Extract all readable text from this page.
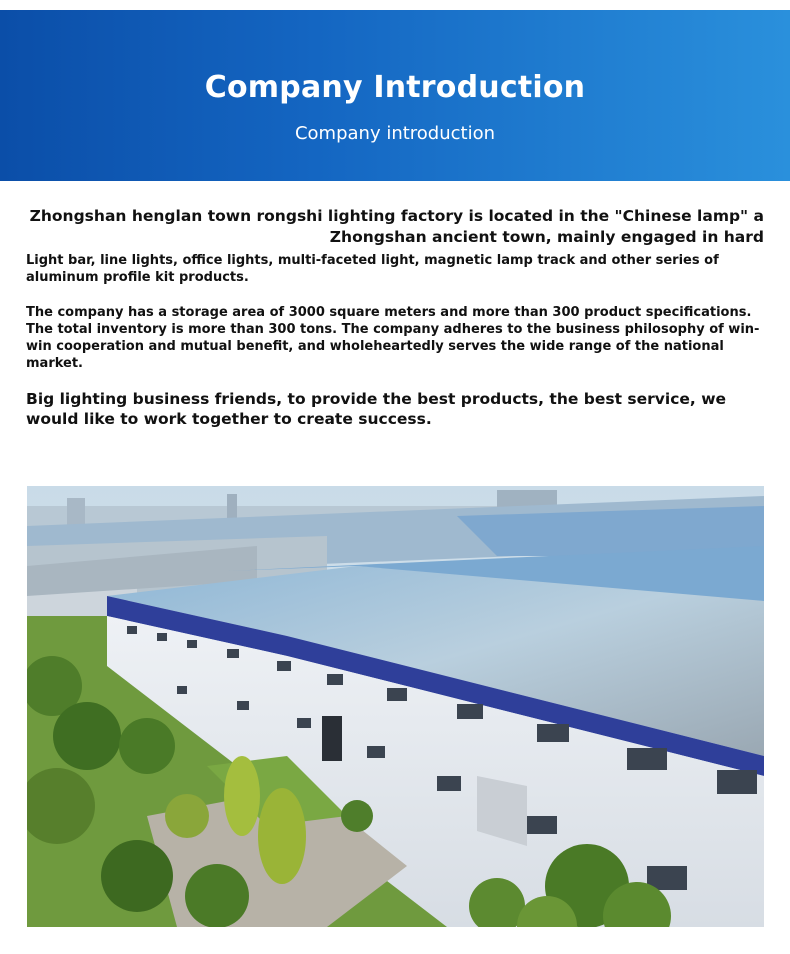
Company Introduction
Company introduction
Zhongshan henglan town rongshi lighting factory is located in the "Chinese lamp" a
Zhongshan ancient town, mainly engaged in hard
Light bar, line lights, office lights, multi-faceted light, magnetic lamp track and other series of aluminum profile kit products.
The company has a storage area of 3000 square meters and more than 300 product specifications. The total inventory is more than 300 tons. The company adheres to the business philosophy of win-win cooperation and mutual benefit, and wholeheartedly serves the wide range of the national market.
Big lighting business friends, to provide the best products, the best service, we would like to work together to create success.
